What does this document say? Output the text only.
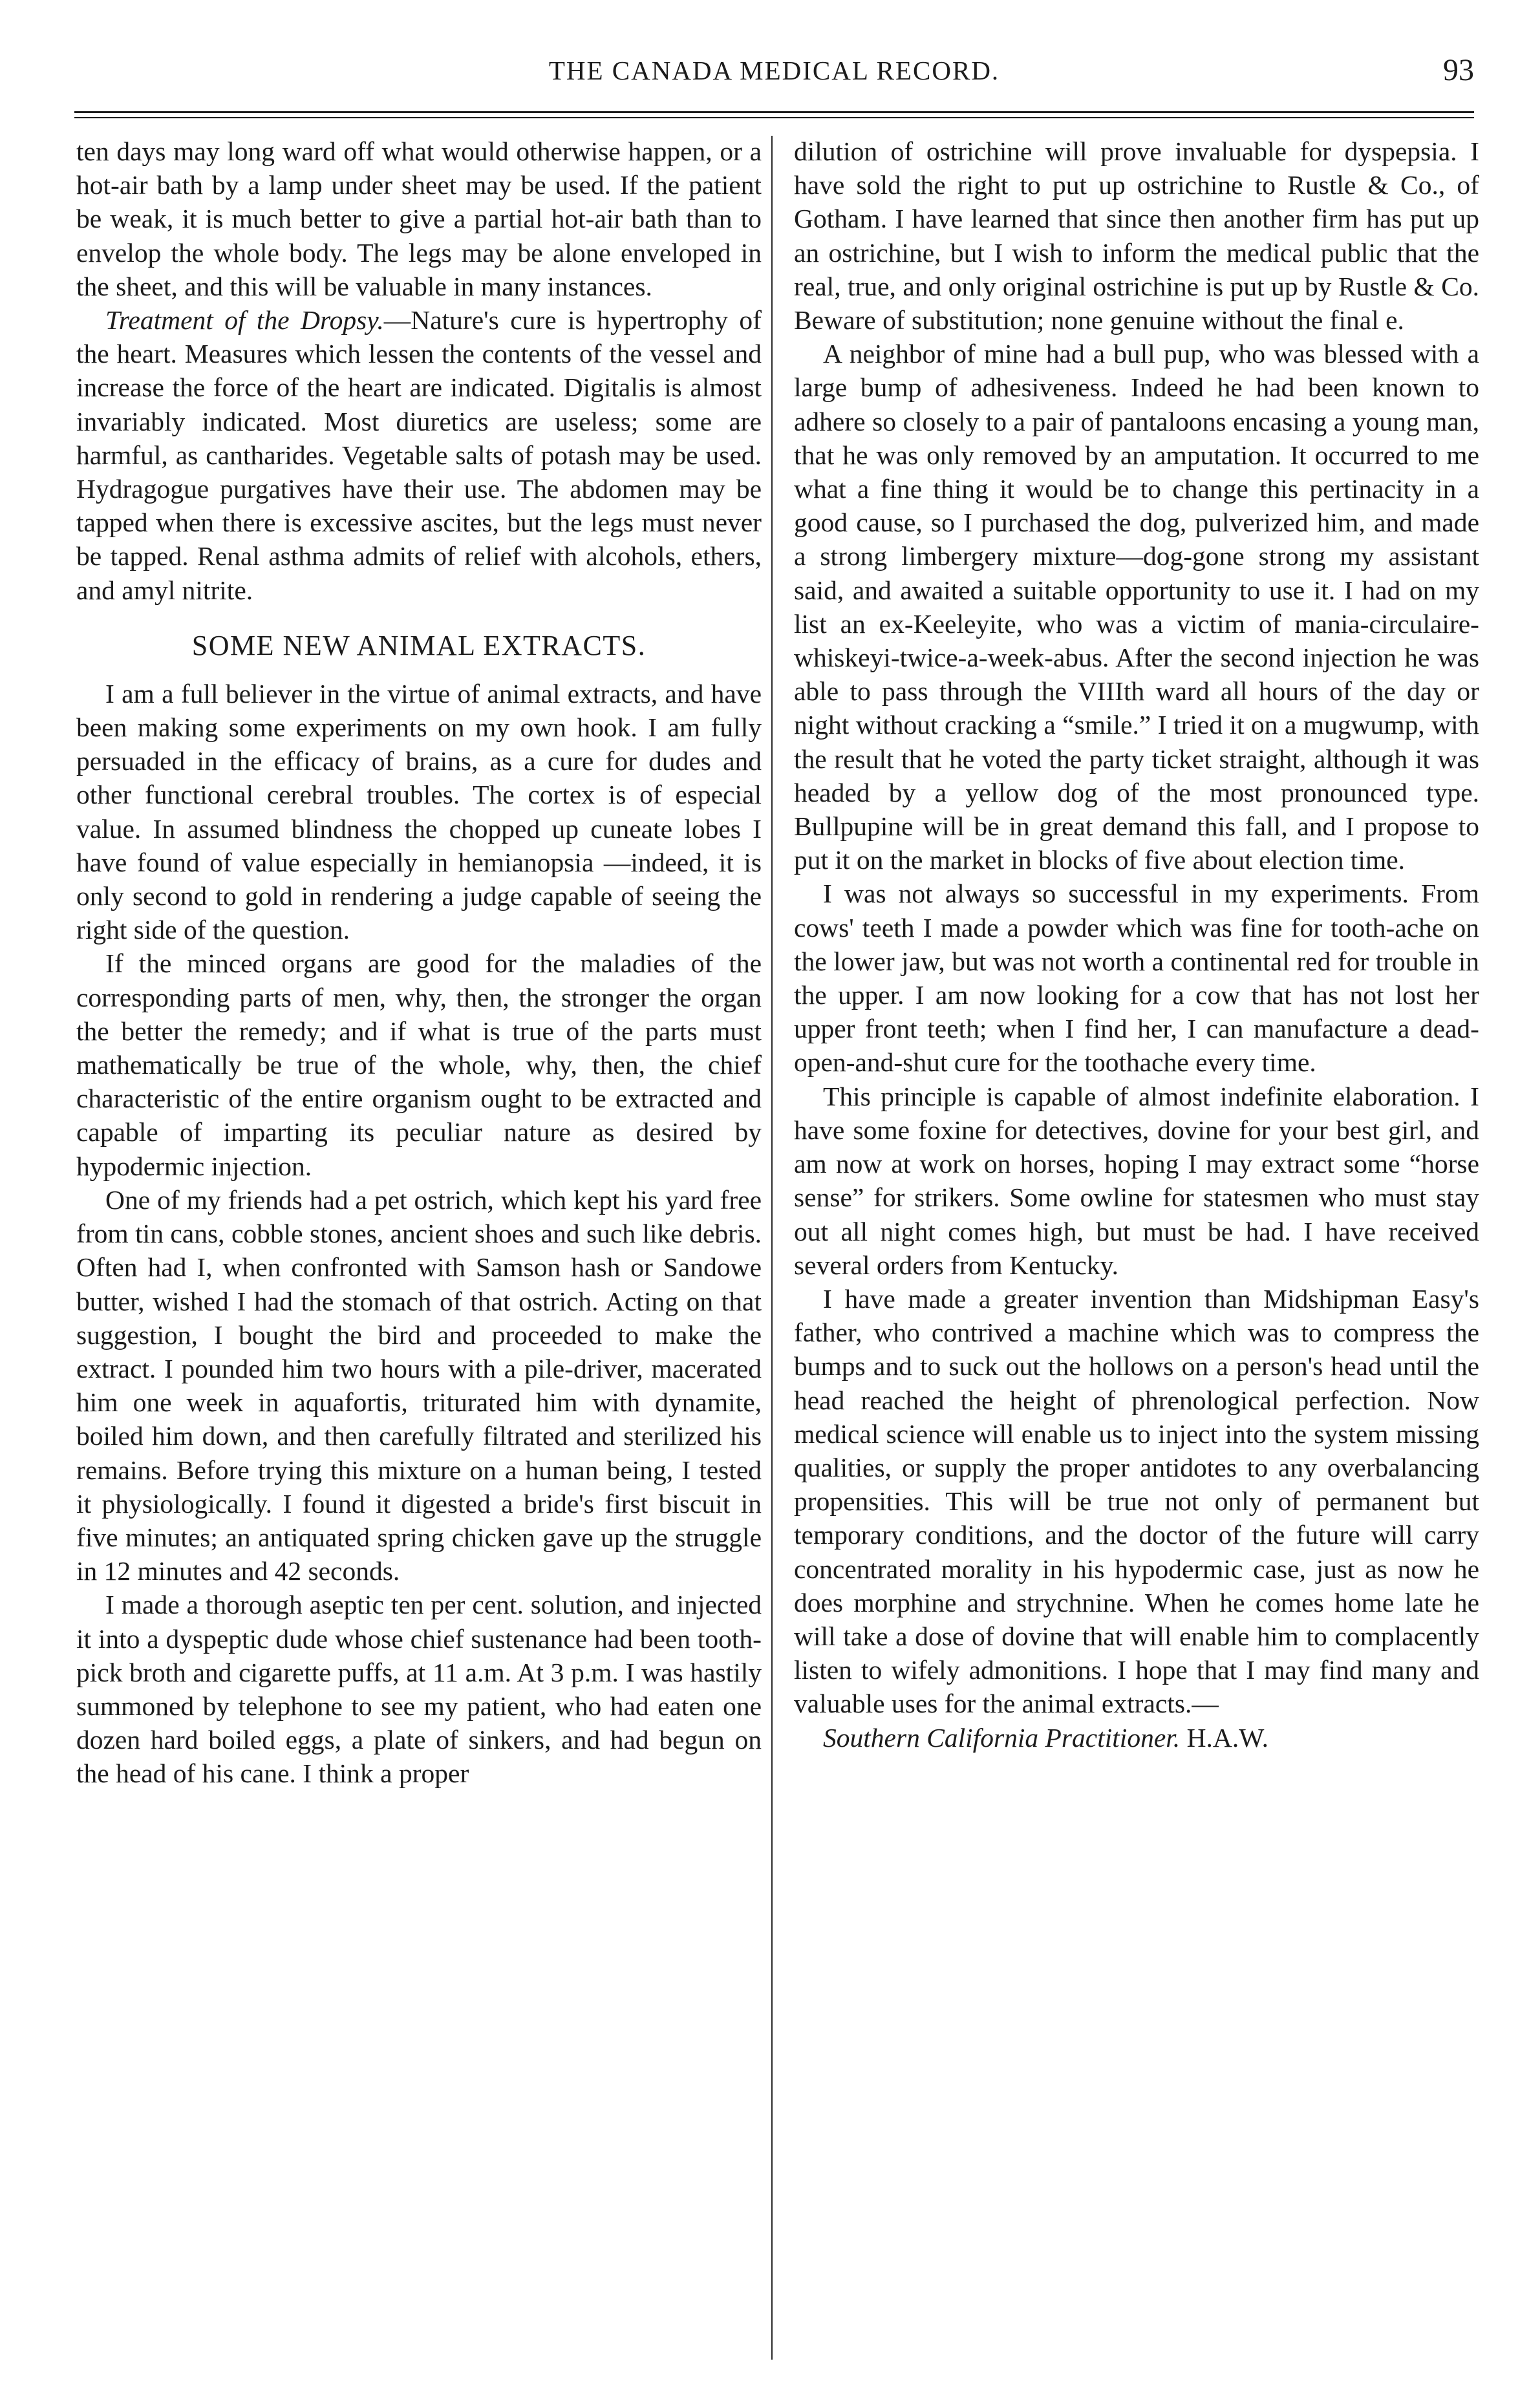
THE CANADA MEDICAL RECORD.	93

ten days may long ward off what would otherwise happen, or a hot-air bath by a lamp under sheet may be used. If the patient be weak, it is much better to give a partial hot-air bath than to envelop the whole body. The legs may be alone enveloped in the sheet, and this will be valuable in many instances.

Treatment of the Dropsy.—Nature's cure is hypertrophy of the heart. Measures which lessen the contents of the vessel and increase the force of the heart are indicated. Digitalis is almost invariably indicated. Most diuretics are useless; some are harmful, as cantharides. Vegetable salts of potash may be used. Hydragogue purgatives have their use. The abdomen may be tapped when there is excessive ascites, but the legs must never be tapped. Renal asthma admits of relief with alcohols, ethers, and amyl nitrite.

SOME NEW ANIMAL EXTRACTS.

I am a full believer in the virtue of animal extracts, and have been making some experiments on my own hook. I am fully persuaded in the efficacy of brains, as a cure for dudes and other functional cerebral troubles. The cortex is of especial value. In assumed blindness the chopped up cuneate lobes I have found of value especially in hemianopsia —indeed, it is only second to gold in rendering a judge capable of seeing the right side of the question.

If the minced organs are good for the maladies of the corresponding parts of men, why, then, the stronger the organ the better the remedy; and if what is true of the parts must mathematically be true of the whole, why, then, the chief characteristic of the entire organism ought to be extracted and capable of imparting its peculiar nature as desired by hypodermic injection.

One of my friends had a pet ostrich, which kept his yard free from tin cans, cobble stones, ancient shoes and such like debris. Often had I, when confronted with Samson hash or Sandowe butter, wished I had the stomach of that ostrich. Acting on that suggestion, I bought the bird and proceeded to make the extract. I pounded him two hours with a pile-driver, macerated him one week in aquafortis, triturated him with dynamite, boiled him down, and then carefully filtrated and sterilized his remains. Before trying this mixture on a human being, I tested it physiologically. I found it digested a bride's first biscuit in five minutes; an antiquated spring chicken gave up the struggle in 12 minutes and 42 seconds.

I made a thorough aseptic ten per cent. solution, and injected it into a dyspeptic dude whose chief sustenance had been tooth-pick broth and cigarette puffs, at 11 a.m. At 3 p.m. I was hastily summoned by telephone to see my patient, who had eaten one dozen hard boiled eggs, a plate of sinkers, and had begun on the head of his cane. I think a proper

dilution of ostrichine will prove invaluable for dyspepsia. I have sold the right to put up ostrichine to Rustle & Co., of Gotham. I have learned that since then another firm has put up an ostrichine, but I wish to inform the medical public that the real, true, and only original ostrichine is put up by Rustle & Co. Beware of substitution; none genuine without the final e.

A neighbor of mine had a bull pup, who was blessed with a large bump of adhesiveness. Indeed he had been known to adhere so closely to a pair of pantaloons encasing a young man, that he was only removed by an amputation. It occurred to me what a fine thing it would be to change this pertinacity in a good cause, so I purchased the dog, pulverized him, and made a strong limbergery mixture—dog-gone strong my assistant said, and awaited a suitable opportunity to use it. I had on my list an ex-Keeleyite, who was a victim of mania-circulaire-whiskeyi-twice-a-week-abus. After the second injection he was able to pass through the VIIIth ward all hours of the day or night without cracking a “smile.” I tried it on a mugwump, with the result that he voted the party ticket straight, although it was headed by a yellow dog of the most pronounced type. Bullpupine will be in great demand this fall, and I propose to put it on the market in blocks of five about election time.

I was not always so successful in my experiments. From cows' teeth I made a powder which was fine for tooth-ache on the lower jaw, but was not worth a continental red for trouble in the upper. I am now looking for a cow that has not lost her upper front teeth; when I find her, I can manufacture a dead-open-and-shut cure for the toothache every time.

This principle is capable of almost indefinite elaboration. I have some foxine for detectives, dovine for your best girl, and am now at work on horses, hoping I may extract some “horse sense” for strikers. Some owline for statesmen who must stay out all night comes high, but must be had. I have received several orders from Kentucky.

I have made a greater invention than Midshipman Easy's father, who contrived a machine which was to compress the bumps and to suck out the hollows on a person's head until the head reached the height of phrenological perfection. Now medical science will enable us to inject into the system missing qualities, or supply the proper antidotes to any overbalancing propensities. This will be true not only of permanent but temporary conditions, and the doctor of the future will carry concentrated morality in his hypodermic case, just as now he does morphine and strychnine. When he comes home late he will take a dose of dovine that will enable him to complacently listen to wifely admonitions. I hope that I may find many and valuable uses for the animal extracts.—

Southern California Practitioner. H.A.W.
